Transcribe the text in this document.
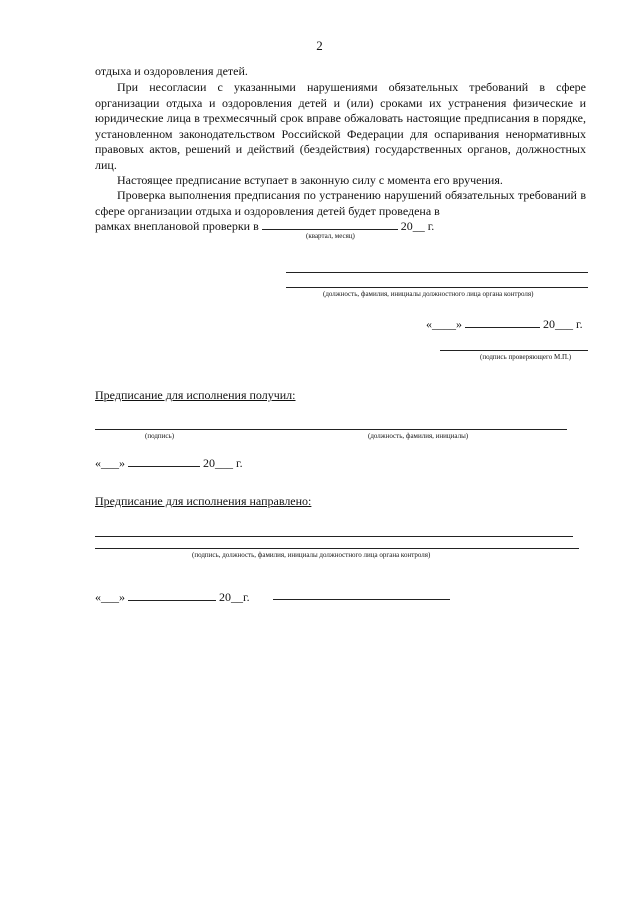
2
отдыха и оздоровления детей.
При несогласии с указанными нарушениями обязательных требований в сфере организации отдыха и оздоровления детей и (или) сроками их устранения физические и юридические лица в трехмесячный срок вправе обжаловать настоящие предписания в порядке, установленном законодательством Российской Федерации для оспаривания ненормативных правовых актов, решений и действий (бездействия) государственных органов, должностных лиц.
Настоящее предписание вступает в законную силу с момента его вручения.
Проверка выполнения предписания по устранению нарушений обязательных требований в сфере организации отдыха и оздоровления детей будет проведена в
рамках внеплановой проверки в	20__ г.
(квартал, месяц)
(должность, фамилия, инициалы должностного лица органа контроля)
«____»	20___ г.
(подпись проверяющего М.П.)
Предписание для исполнения получил:
(подпись)	(должность, фамилия, инициалы)
«___»	20___ г.
Предписание для исполнения направлено:
(подпись, должность, фамилия, инициалы должностного лица органа контроля)
«___»	20__г.
